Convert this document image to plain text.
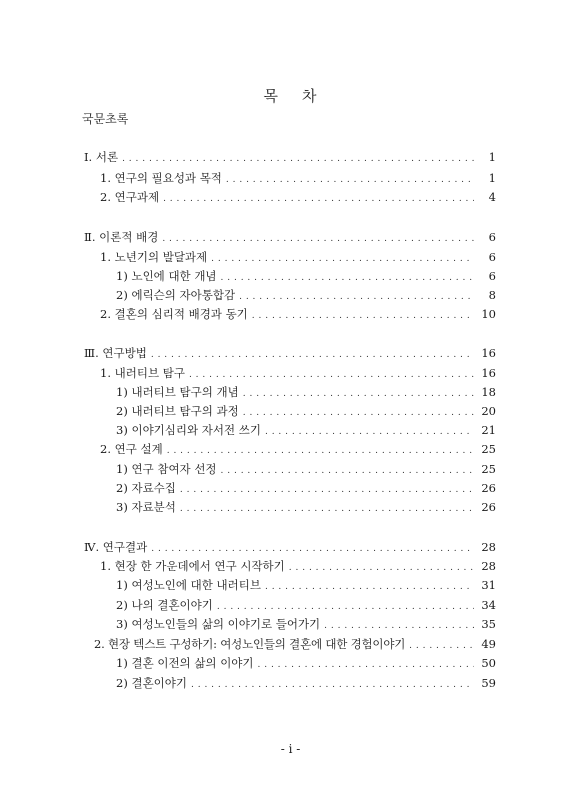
목    차
국문초록
Ⅰ. 서론 . . .	1
1. 연구의 필요성과 목적 . . .	1
2. 연구과제 . . .	4
Ⅱ. 이론적 배경 . . .	6
1. 노년기의 발달과제 . . .	6
1) 노인에 대한 개념 . . .	6
2) 에릭슨의 자아통합감 . . .	8
2. 결혼의 심리적 배경과 동기 . . .	10
Ⅲ. 연구방법 . . .	16
1. 내러티브 탐구 . . .	16
1) 내러티브 탐구의 개념 . . .	18
2) 내러티브 탐구의 과정 . . .	20
3) 이야기심리와 자서전 쓰기 . . .	21
2. 연구 설계 . . .	25
1) 연구 참여자 선정 . . .	25
2) 자료수집 . . .	26
3) 자료분석 . . .	26
Ⅳ. 연구결과 . . .	28
1. 현장 한 가운데에서 연구 시작하기 . . .	28
1) 여성노인에 대한 내러티브 . . .	31
2) 나의 결혼이야기 . . .	34
3) 여성노인들의 삶의 이야기로 들어가기 . . .	35
2. 현장 텍스트 구성하기: 여성노인들의 결혼에 대한 경험이야기 . . .	49
1) 결혼 이전의 삶의 이야기 . . .	50
2) 결혼이야기 . . .	59
- i -
